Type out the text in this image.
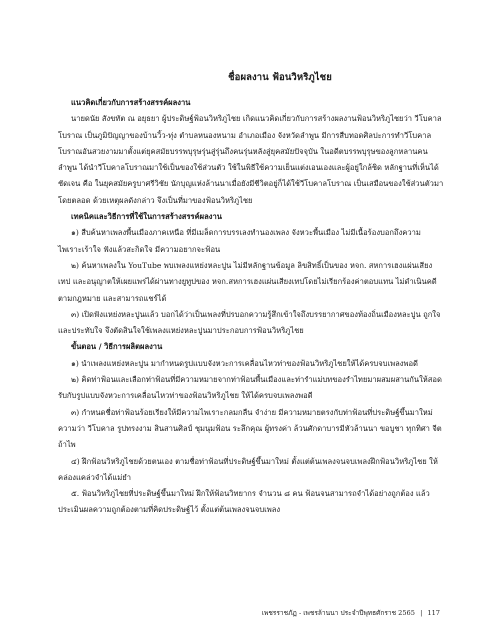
ชื่อผลงาน ฟ้อนวิหริภูไชย

แนวคิดเกี่ยวกับการสร้างสรรค์ผลงาน

นายดนัย สังขทัต ณ อยุธยา ผู้ประดิษฐ์ฟ้อนวิหริภูไชย เกิดแนวคิดเกี่ยวกับการสร้างผลงานฟ้อนวิหริภูไชยว่า วีโบคาลโบราณ เป็นภูมิปัญญาของบ้านวิ้ว-ทุ่ง ตำบลหนองหนาม อำเภอเมือง จังหวัดลำพูน มีการสืบทอดศิลปะการทำวีโบคาลโบราณอันสวยงามมาตั้งแต่ยุคสมัยบรรพบุรุษรุ่นสู่รุ่นถึงคนรุ่นหลังสู่ยุคสมัยปัจจุบัน ในอดีตบรรพบุรุษของลูกหลานคนลำพูน ได้นำวีโบคาลโบราณมาใช้เป็นของใช้ส่วนตัว ใช้ในพิธีใช้ความเย็นแต่งเอนเองและผู้อยู่ใกล้ชิด หลักฐานที่เห็นได้ชัดเจน คือ ในยุคสมัยครูบาศรีวิชัย นักบุญแห่งล้านนาเมื่อยังมีชีวิตอยู่ก็ได้ใช้วีโบคาลโบราณ เป็นเสมือนของใช้ส่วนตัวมาโดยตลอด ด้วยเหตุผลดังกล่าว จึงเป็นที่มาของฟ้อนวิหริภูไชย

เทคนิคและวิธีการที่ใช้ในการสร้างสรรค์ผลงาน

๑) สืบค้นหาเพลงพื้นเมืองภาคเหนือ ที่มีเมล็ดการบรรเลงทำนองเพลง จังหวะพื้นเมือง ไม่มีเนื้อร้องบอกถึงความไพเราะเร้าใจ ฟังแล้วสะกิดใจ มีความอยากจะฟ้อน

๒) ค้นหาเพลงใน YouTube พบเพลงแหย่งหละปูน ไม่มีหลักฐานข้อมูล ลิขสิทธิ์เป็นของ หจก. สหการเฮงแผ่นเสียงเทป และอนุญาตให้เผยแพร่ได้ผ่านทางยูทูปของ หจก.สหการเฮงแผ่นเสียงเทปโดยไม่เรียกร้องค่าตอบแทน ไม่ดำเนินคดีตามกฎหมาย และสามารถแชร์ได้

๓) เปิดฟังแหย่งหละปูนแล้ว บอกได้ว่าเป็นเพลงที่ปรบอกความรู้สึกเข้าใจถึงบรรยากาศของท้องถิ่นเมืองหละปูน ถูกใจ และประทับใจ จึงตัดสินใจใช้เพลงแหย่งหละปูนมาประกอบการฟ้อนวิหริภูไชย

ขั้นตอน / วิธีการผลิตผลงาน

๑) นำเพลงแหย่งหละปูน มากำหนดรูปแบบจังหวะการเคลื่อนไหวท่าของฟ้อนวิหริภูไชยให้ได้ครบจบเพลงพอดี

๒) คิดท่าฟ้อนและเลือกท่าฟ้อนที่มีความหมายจากท่าฟ้อนพื้นเมืองและท่ารำแม่บทของรำไทยมาผสมผสานกันให้สอดรับกับรูปแบบจังหวะการเคลื่อนไหวท่าของฟ้อนวิหริภูไชย ให้ได้ครบจบเพลงพอดี

๓) กำหนดชื่อท่าฟ้อนร้อยเรียงให้มีความไพเราะกลมกลืน จำง่าย มีความหมายตรงกับท่าฟ้อนที่ประดิษฐ์ขึ้นมาใหม่ ความว่า วีโบคาล รูปทรงงาม สินสานศิลป์ ชุมนุมฟ้อน ระลึกคุณ ผู้ทรงค่า ล้วนศักดาบารมีหัวล้านนา ขอบูชา ทุกทิศา จีตถ้าไพ

๔) ฝึกฟ้อนวิหริภูไชยด้วยตนเอง ตามชื่อท่าฟ้อนที่ประดิษฐ์ขึ้นมาใหม่ ตั้งแต่ต้นเพลงจนจบเพลงฝึกฟ้อนวิหริภูไชย ให้คล่องแคล่วจำได้แม่ยำ

๕. ฟ้อนวิหริภูไชยที่ประดิษฐ์ขึ้นมาใหม่ ฝึกให้ฟ้อนวิทยากร จำนวน ๘ คน ฟ้อนจนสามารถจำได้อย่างถูกต้อง แล้วประเมินผลความถูกต้องตามที่คิดประดิษฐ์ไว้ ตั้งแต่ต้นเพลงจนจบเพลง

เพชรราชภัฏ - เพชรล้านนา ประจำปีพุทธศักราช 2565 | 117
